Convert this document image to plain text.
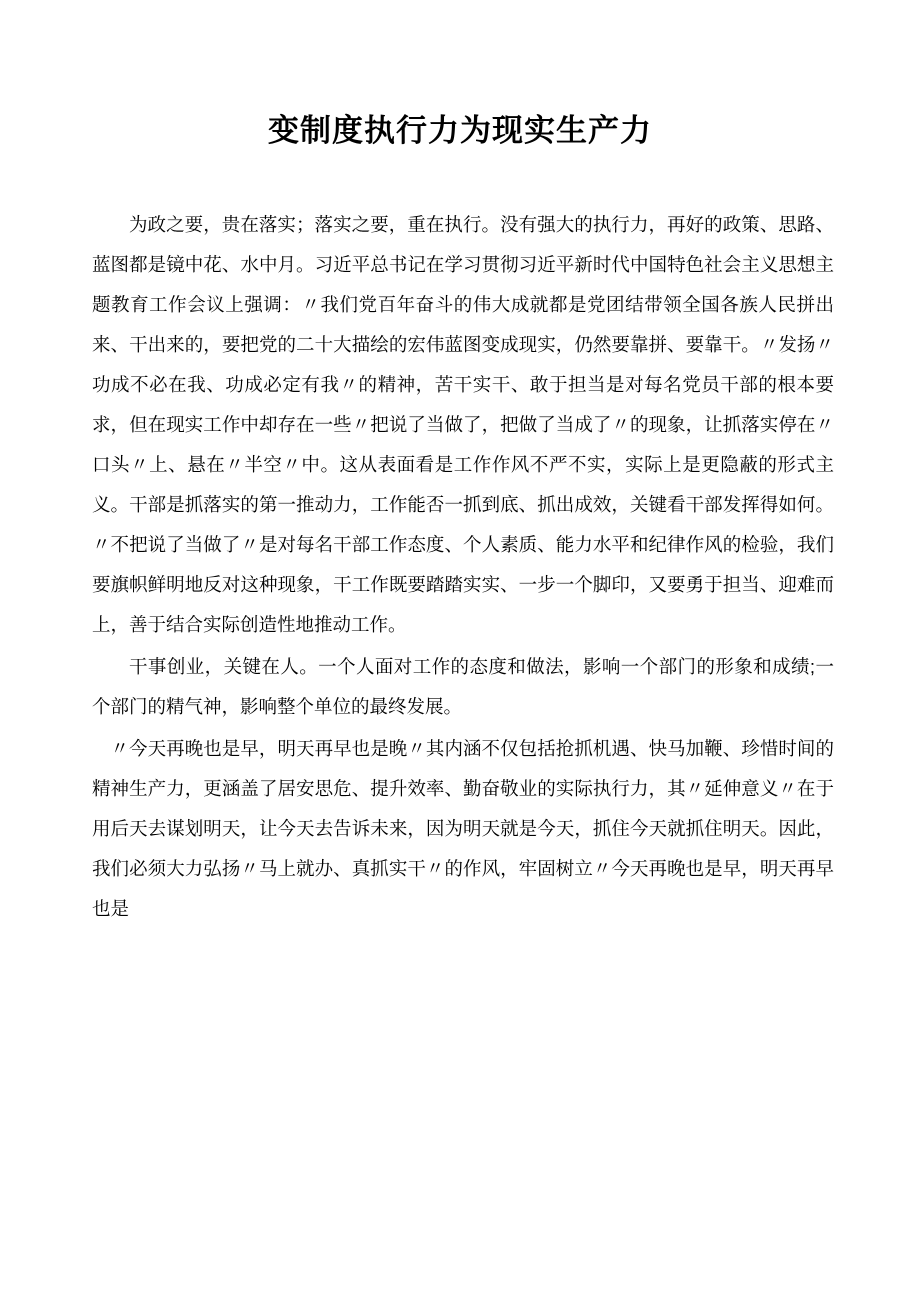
变制度执行力为现实生产力

为政之要，贵在落实；落实之要，重在执行。没有强大的执行力，再好的政策、思路、蓝图都是镜中花、水中月。习近平总书记在学习贯彻习近平新时代中国特色社会主义思想主题教育工作会议上强调：〃我们党百年奋斗的伟大成就都是党团结带领全国各族人民拼出来、干出来的，要把党的二十大描绘的宏伟蓝图变成现实，仍然要靠拼、要靠干。〃发扬〃功成不必在我、功成必定有我〃的精神，苦干实干、敢于担当是对每名党员干部的根本要求，但在现实工作中却存在一些〃把说了当做了，把做了当成了〃的现象，让抓落实停在〃口头〃上、悬在〃半空〃中。这从表面看是工作作风不严不实，实际上是更隐蔽的形式主义。干部是抓落实的第一推动力，工作能否一抓到底、抓出成效，关键看干部发挥得如何。〃不把说了当做了〃是对每名干部工作态度、个人素质、能力水平和纪律作风的检验，我们要旗帜鲜明地反对这种现象，干工作既要踏踏实实、一步一个脚印，又要勇于担当、迎难而上，善于结合实际创造性地推动工作。

干事创业，关键在人。一个人面对工作的态度和做法，影响一个部门的形象和成绩;一个部门的精气神，影响整个单位的最终发展。

〃今天再晚也是早，明天再早也是晚〃其内涵不仅包括抢抓机遇、快马加鞭、珍惜时间的精神生产力，更涵盖了居安思危、提升效率、勤奋敬业的实际执行力，其〃延伸意义〃在于用后天去谋划明天，让今天去告诉未来，因为明天就是今天，抓住今天就抓住明天。因此，我们必须大力弘扬〃马上就办、真抓实干〃的作风，牢固树立〃今天再晚也是早，明天再早也是
